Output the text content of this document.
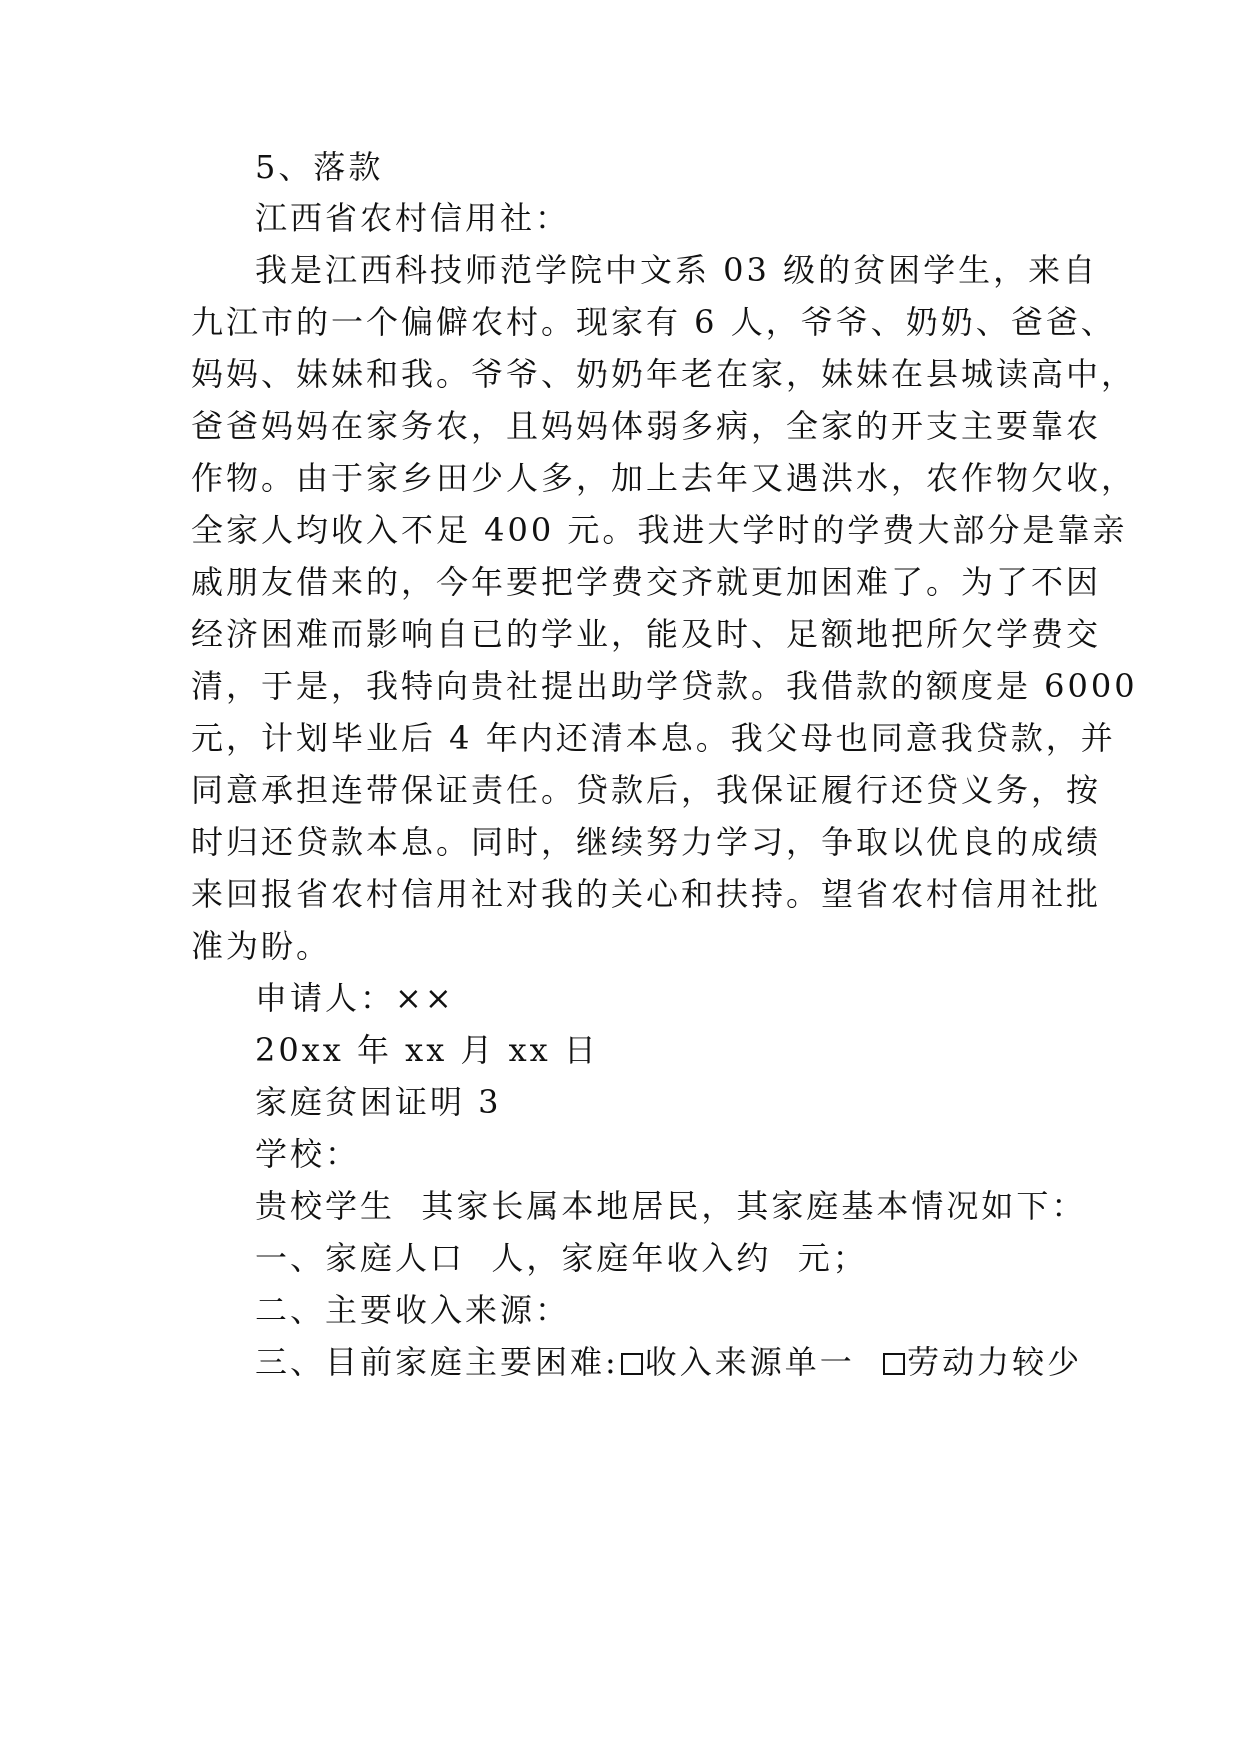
5、落款
江西省农村信用社：
我是江西科技师范学院中文系 03 级的贫困学生，来自
九江市的一个偏僻农村。现家有 6 人，爷爷、奶奶、爸爸、
妈妈、妹妹和我。爷爷、奶奶年老在家，妹妹在县城读高中，
爸爸妈妈在家务农，且妈妈体弱多病，全家的开支主要靠农
作物。由于家乡田少人多，加上去年又遇洪水，农作物欠收，
全家人均收入不足 400 元。我进大学时的学费大部分是靠亲
戚朋友借来的，今年要把学费交齐就更加困难了。为了不因
经济困难而影响自已的学业，能及时、足额地把所欠学费交
清，于是，我特向贵社提出助学贷款。我借款的额度是 6000
元，计划毕业后 4 年内还清本息。我父母也同意我贷款，并
同意承担连带保证责任。贷款后，我保证履行还贷义务，按
时归还贷款本息。同时，继续努力学习，争取以优良的成绩
来回报省农村信用社对我的关心和扶持。望省农村信用社批
准为盼。
申请人：××
20xx 年 xx 月 xx 日
家庭贫困证明 3
学校：
贵校学生  其家长属本地居民，其家庭基本情况如下：
一、家庭人口  人，家庭年收入约  元；
二、主要收入来源：
三、目前家庭主要困难: 收入来源单一 劳动力较少
